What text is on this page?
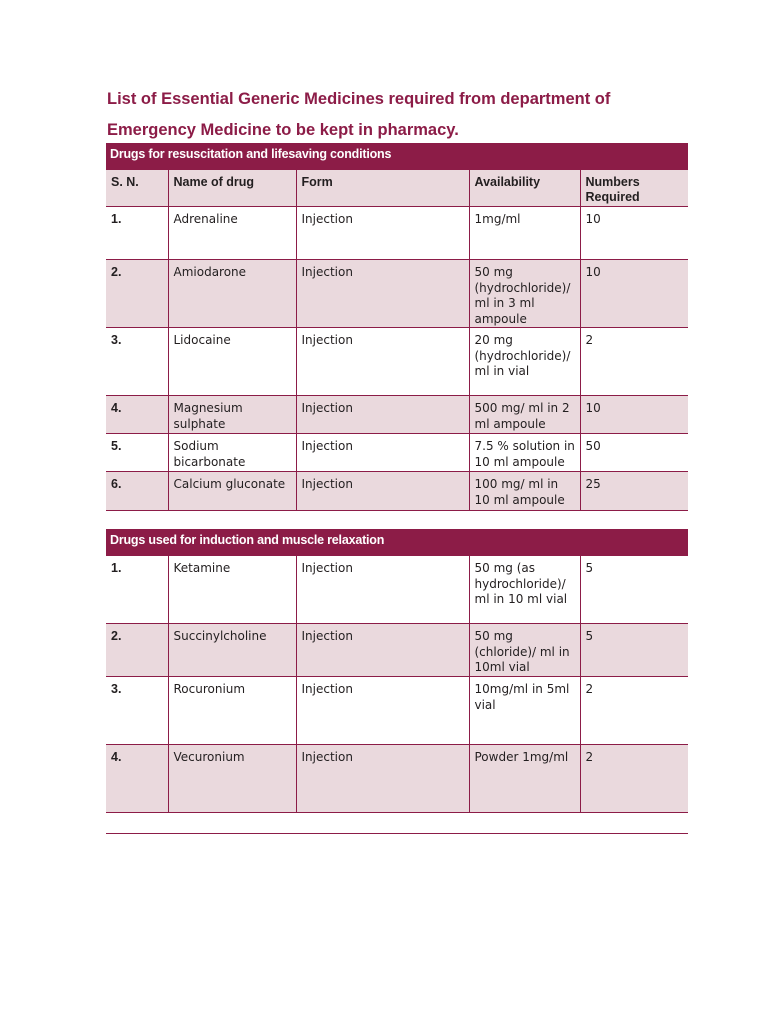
List of Essential Generic Medicines required from department of Emergency Medicine to be kept in pharmacy.
Drugs for resuscitation and lifesaving conditions				
S. N.	Name of drug	Form	Availability	Numbers Required
1.	Adrenaline	Injection	1mg/ml	10
2.	Amiodarone	Injection	50 mg (hydrochloride)/ ml in 3 ml ampoule	10
3.	Lidocaine	Injection	20 mg (hydrochloride)/ ml in vial	2
4.	Magnesium sulphate	Injection	500 mg/ ml in 2 ml ampoule	10
5.	Sodium bicarbonate	Injection	7.5 % solution in 10 ml ampoule	50
6.	Calcium gluconate	Injection	100 mg/ ml in 10 ml ampoule	25
Drugs used for induction and muscle relaxation				
1.	Ketamine	Injection	50 mg (as hydrochloride)/ ml in 10 ml vial	5
2.	Succinylcholine	Injection	50 mg (chloride)/ ml in 10ml vial	5
3.	Rocuronium	Injection	10mg/ml in 5ml vial	2
4.	Vecuronium	Injection	Powder 1mg/ml	2
